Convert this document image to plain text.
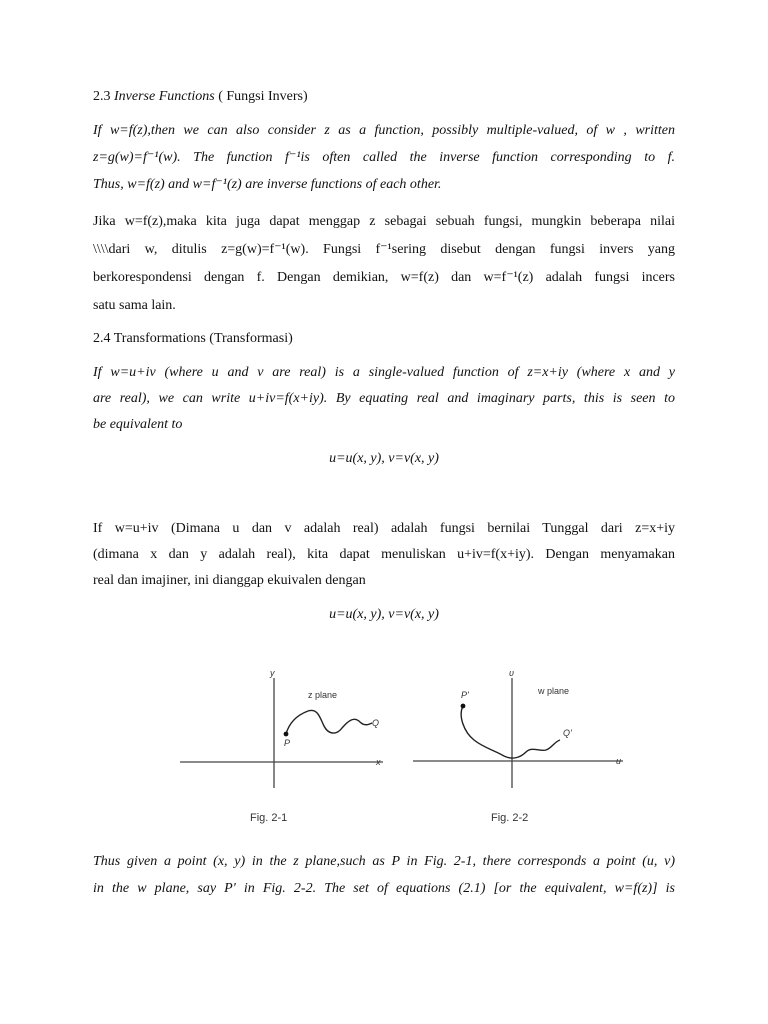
2.3 Inverse Functions ( Fungsi Invers)
If w=f(z),then we can also consider z as a function, possibly multiple-valued, of w , written
z=g(w)=f⁻¹(w). The function f⁻¹is often called the inverse function corresponding to f.
Thus, w=f(z) and w=f⁻¹(z) are inverse functions of each other.
Jika w=f(z),maka kita juga dapat menggap z sebagai sebuah fungsi, mungkin beberapa nilai
\\\\dari w, ditulis z=g(w)=f⁻¹(w). Fungsi f⁻¹sering disebut dengan fungsi invers yang
berkorespondensi dengan f. Dengan demikian, w=f(z) dan w=f⁻¹(z) adalah fungsi incers
satu sama lain.
2.4 Transformations (Transformasi)
If w=u+iv (where u and v are real) is a single-valued function of z=x+iy (where x and y
are real), we can write u+iv=f(x+iy). By equating real and imaginary parts, this is seen to
be equivalent to
u=u(x, y), v=v(x, y)
If w=u+iv (Dimana u dan v adalah real) adalah fungsi bernilai Tunggal dari z=x+iy
(dimana x dan y adalah real), kita dapat menuliskan u+iv=f(x+iy). Dengan menyamakan
real dan imajiner, ini dianggap ekuivalen dengan
u=u(x, y), v=v(x, y)
y
x
z plane
P
Q
Fig. 2-1
υ
u
w plane
P'
Q'
Fig. 2-2
Thus given a point (x, y) in the z plane,such as P in Fig. 2-1, there corresponds a point (u, v)
in the w plane, say P' in Fig. 2-2. The set of equations (2.1) [or the equivalent, w=f(z)] is
